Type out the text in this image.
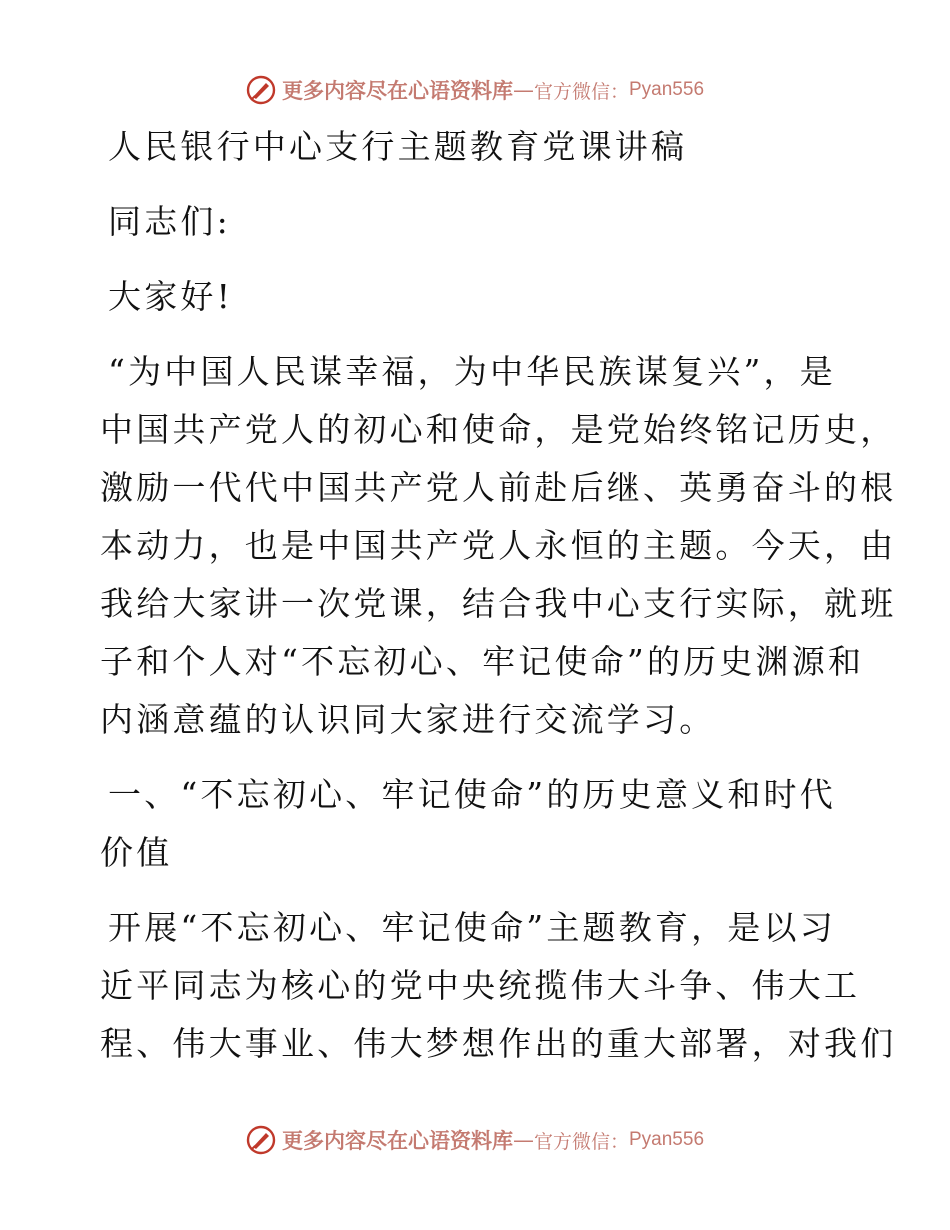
更多内容尽在心语资料库 — 官方微信： Pyan556
人民银行中心支行主题教育党课讲稿
同志们:
大家好!
“为中国人民谋幸福，为中华民族谋复兴”，是
中国共产党人的初心和使命，是党始终铭记历史，
激励一代代中国共产党人前赴后继、英勇奋斗的根
本动力，也是中国共产党人永恒的主题。今天，由
我给大家讲一次党课，结合我中心支行实际，就班
子和个人对“不忘初心、牢记使命”的历史渊源和
内涵意蕴的认识同大家进行交流学习。
一、“不忘初心、牢记使命”的历史意义和时代
价值
开展“不忘初心、牢记使命”主题教育，是以习
近平同志为核心的党中央统揽伟大斗争、伟大工
程、伟大事业、伟大梦想作出的重大部署，对我们
更多内容尽在心语资料库 — 官方微信： Pyan556
